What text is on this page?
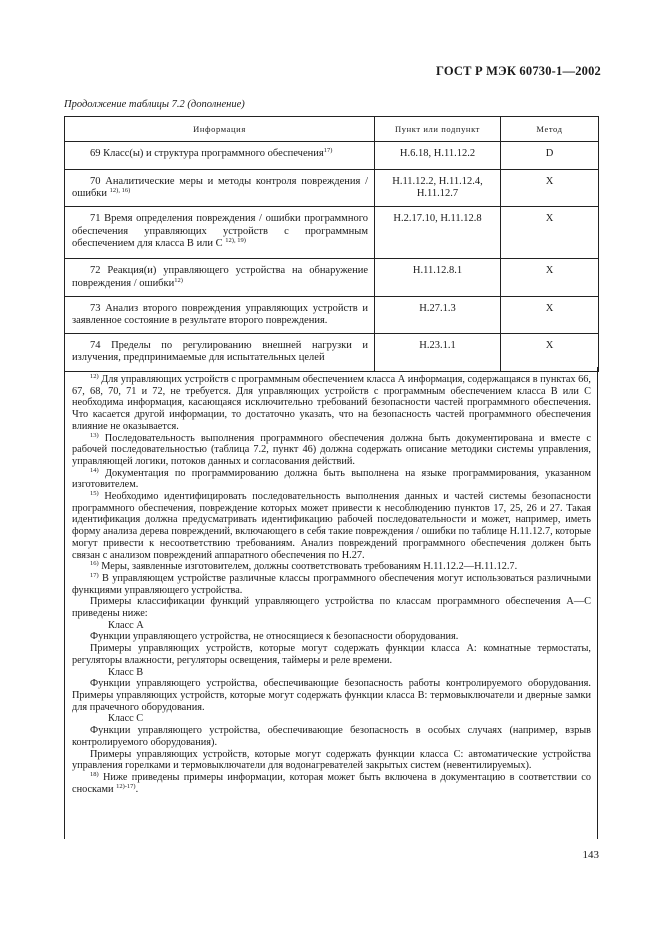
ГОСТ Р МЭК 60730-1—2002
Продолжение таблицы 7.2 (дополнение)
Информация	Пункт или подпункт	Метод
69 Класс(ы) и структура программного обеспечения$^{17)}$	Н.6.18, Н.11.12.2	D
70 Аналитические меры и методы контроля повреждения / ошибки $^{12), 16)}$	Н.11.12.2, Н.11.12.4, Н.11.12.7	X
71 Время определения повреждения / ошибки программного обеспечения управляющих устройств с программным обеспечением для класса В или С $^{12), 19)}$	Н.2.17.10, Н.11.12.8	X
72 Реакция(и) управляющего устройства на обнаружение повреждения / ошибки$^{12)}$	Н.11.12.8.1	X
73 Анализ второго повреждения управляющих устройств и заявленное состояние в результате второго повреждения.	Н.27.1.3	X
74 Пределы по регулированию внешней нагрузки и излучения, предпринимаемые для испытательных целей	Н.23.1.1	X

$^{12)}$ Для управляющих устройств с программным обеспечением класса А информация, содержащаяся в пунктах 66, 67, 68, 70, 71 и 72, не требуется. Для управляющих устройств с программным обеспечением класса В или С необходима информация, касающаяся исключительно требований безопасности частей программного обеспечения. Что касается другой информации, то достаточно указать, что на безопасность частей программного обеспечения влияние не оказывается.

$^{13)}$ Последовательность выполнения программного обеспечения должна быть документирована и вместе с рабочей последовательностью (таблица 7.2, пункт 46) должна содержать описание методики системы управления, управляющей логики, потоков данных и согласования действий.

$^{14)}$ Документация по программированию должна быть выполнена на языке программирования, указанном изготовителем.

$^{15)}$ Необходимо идентифицировать последовательность выполнения данных и частей системы безопасности программного обеспечения, повреждение которых может привести к несоблюдению пунктов 17, 25, 26 и 27. Такая идентификация должна предусматривать идентификацию рабочей последовательности и может, например, иметь форму анализа дерева повреждений, включающего в себя такие повреждения / ошибки по таблице Н.11.12.7, которые могут привести к несоответствию требованиям. Анализ повреждений программного обеспечения должен быть связан с анализом повреждений аппаратного обеспечения по Н.27.

$^{16)}$ Меры, заявленные изготовителем, должны соответствовать требованиям Н.11.12.2—Н.11.12.7.

$^{17)}$ В управляющем устройстве различные классы программного обеспечения могут использоваться различными функциями управляющего устройства.

Примеры классификации функций управляющего устройства по классам программного обеспечения А—С приведены ниже:

Класс А

Функции управляющего устройства, не относящиеся к безопасности оборудования.

Примеры управляющих устройств, которые могут содержать функции класса А: комнатные термостаты, регуляторы влажности, регуляторы освещения, таймеры и реле времени.

Класс В

Функции управляющего устройства, обеспечивающие безопасность работы контролируемого оборудования. Примеры управляющих устройств, которые могут содержать функции класса В: термовыключатели и дверные замки для прачечного оборудования.

Класс С

Функции управляющего устройства, обеспечивающие безопасность в особых случаях (например, взрыв контролируемого оборудования).

Примеры управляющих устройств, которые могут содержать функции класса С: автоматические устройства управления горелками и термовыключатели для водонагревателей закрытых систем (невентилируемых).

$^{18)}$ Ниже приведены примеры информации, которая может быть включена в документацию в соответствии со сносками $^{12)-17)}$.

143
